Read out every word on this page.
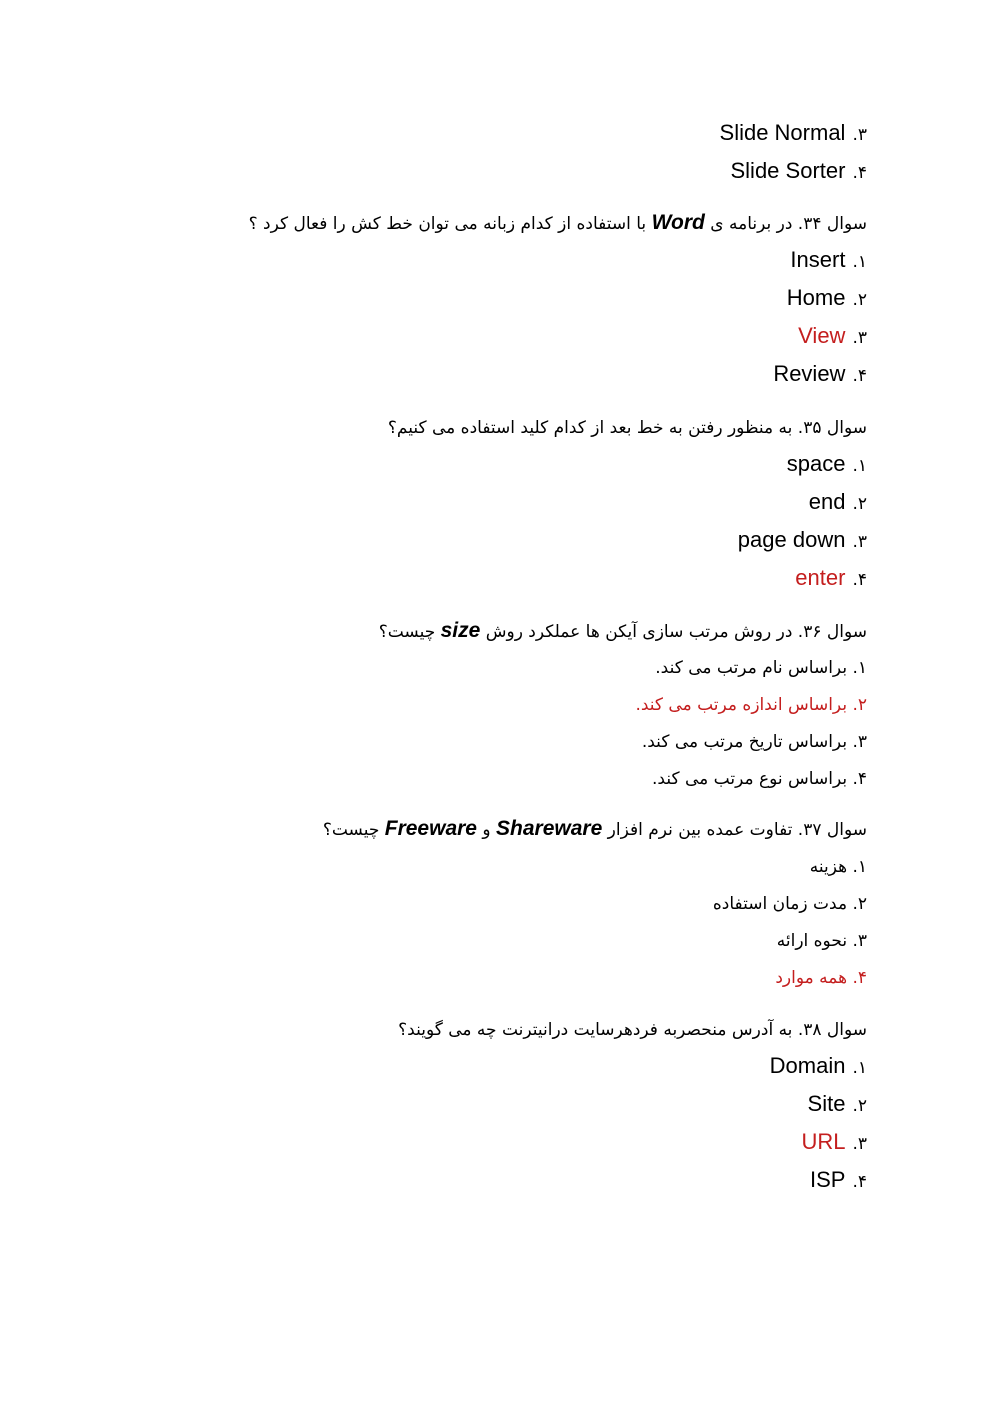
۳. Slide Normal
۴. Slide Sorter
سوال ۳۴. در برنامه ی Word با استفاده از کدام زبانه می توان خط کش را فعال کرد ؟
۱. Insert
۲. Home
۳. View
۴. Review
سوال ۳۵. به منظور رفتن به خط بعد از کدام کلید استفاده می کنیم؟
۱. space
۲. end
۳. page down
۴. enter
سوال ۳۶. در روش مرتب سازی آیکن ها عملکرد روش size چیست؟
۱. براساس نام مرتب می کند.
۲. براساس اندازه مرتب می کند.
۳. براساس تاریخ مرتب می کند.
۴. براساس نوع مرتب می کند.
سوال ۳۷. تفاوت عمده بین نرم افزار Shareware و Freeware چیست؟
۱. هزینه
۲. مدت زمان استفاده
۳. نحوه ارائه
۴. همه موارد
سوال ۳۸. به آدرس منحصربه فردهرسایت درانیترنت چه می گویند؟
۱. Domain
۲. Site
۳. URL
۴. ISP
